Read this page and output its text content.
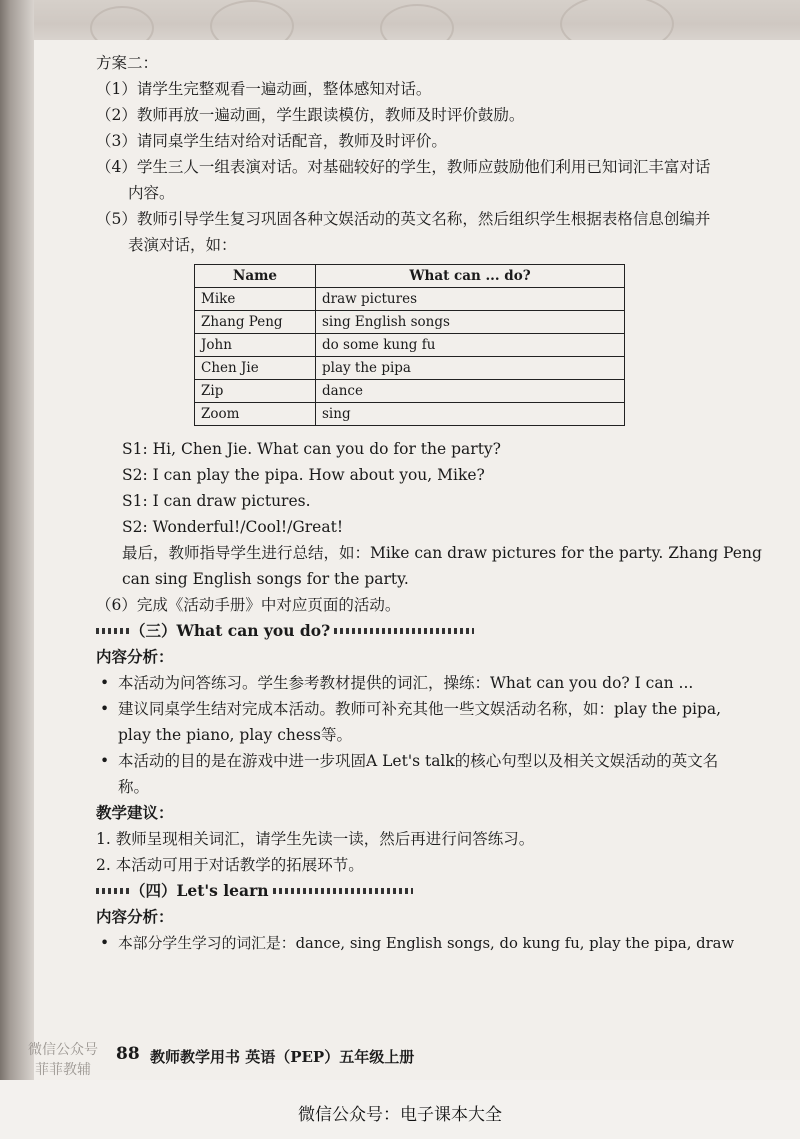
方案二：
（1）请学生完整观看一遍动画，整体感知对话。
（2）教师再放一遍动画，学生跟读模仿，教师及时评价鼓励。
（3）请同桌学生结对给对话配音，教师及时评价。
（4）学生三人一组表演对话。对基础较好的学生，教师应鼓励他们利用已知词汇丰富对话
内容。
（5）教师引导学生复习巩固各种文娱活动的英文名称，然后组织学生根据表格信息创编并
表演对话，如：
Name	What can ... do?
Mike	draw pictures
Zhang Peng	sing English songs
John	do some kung fu
Chen Jie	play the pipa
Zip	dance
Zoom	sing
S1: Hi, Chen Jie. What can you do for the party?
S2: I can play the pipa. How about you, Mike?
S1: I can draw pictures.
S2: Wonderful!/Cool!/Great!
最后，教师指导学生进行总结，如：Mike can draw pictures for the party. Zhang Peng
can sing English songs for the party.
（6）完成《活动手册》中对应页面的活动。
（三）What can you do?
内容分析：
• 本活动为问答练习。学生参考教材提供的词汇，操练：What can you do? I can ...
• 建议同桌学生结对完成本活动。教师可补充其他一些文娱活动名称，如：play the pipa,
play the piano, play chess等。
• 本活动的目的是在游戏中进一步巩固A Let's talk的核心句型以及相关文娱活动的英文名
称。
教学建议：
1. 教师呈现相关词汇，请学生先读一读，然后再进行问答练习。
2. 本活动可用于对话教学的拓展环节。
（四）Let's learn
内容分析：
• 本部分学生学习的词汇是：dance, sing English songs, do kung fu, play the pipa, draw
微信公众号
菲菲教辅
88 教师教学用书 英语（PEP）五年级上册
微信公众号：电子课本大全
